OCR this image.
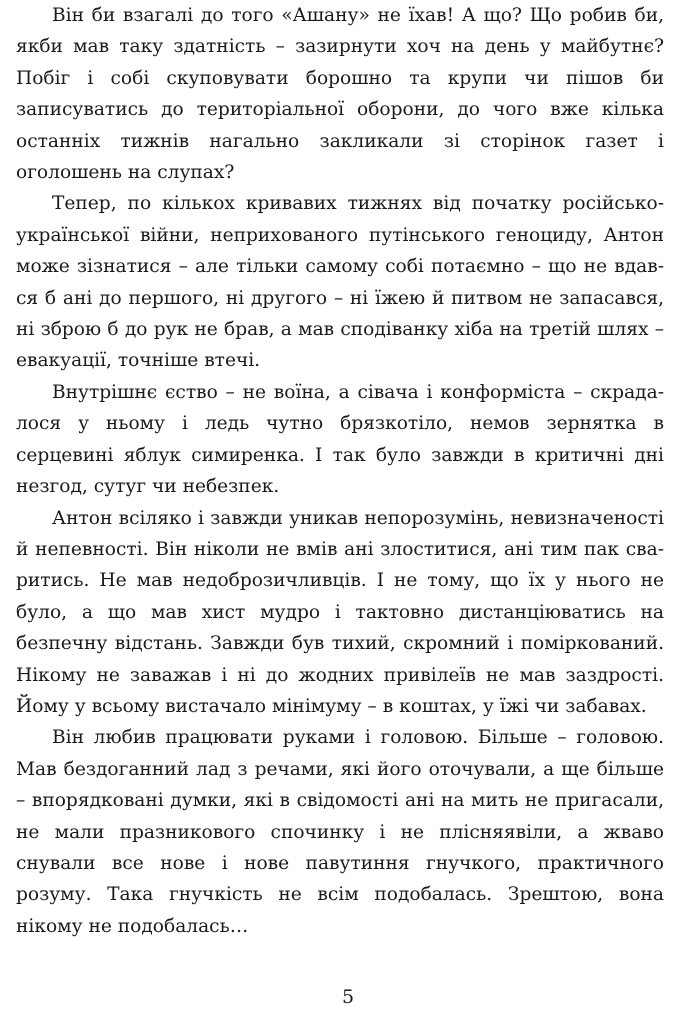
Він би взагалі до того «Ашану» не їхав! А що? Що робив би, якби мав таку здатність – зазирнути хоч на день у майбутнє? Побіг і собі скуповувати борошно та крупи чи пішов би записуватись до територіальної оборони, до чого вже кілька останніх тижнів нагально закликали зі сторінок газет і оголошень на слупах?

Тепер, по кількох кривавих тижнях від початку російсько-української війни, неприхованого путінського геноциду, Антон може зізнатися – але тільки самому собі потаємно – що не вдався б ані до першого, ні другого – ні їжею й питвом не запасався, ні зброю б до рук не брав, а мав сподіванку хіба на третій шлях – евакуації, точніше втечі.

Внутрішнє єство – не воїна, а сівача і конформіста – скрадалося у ньому і ледь чутно брязкотіло, немов зернятка в серцевині яблук симиренка. І так було завжди в критичні дні незгод, сутуг чи небезпек.

Антон всіляко і завжди уникав непорозумінь, невизначеності й непевності. Він ніколи не вмів ані злоститися, ані тим пак сваритись. Не мав недоброзичливців. І не тому, що їх у нього не було, а що мав хист мудро і тактовно дистанціюватись на безпечну відстань. Завжди був тихий, скромний і поміркований. Нікому не заважав і ні до жодних привілеїв не мав заздрості. Йому у всьому вистачало мінімуму – в коштах, у їжі чи забавах.

Він любив працювати руками і головою. Більше – головою. Мав бездоганний лад з речами, які його оточували, а ще більше – впорядковані думки, які в свідомості ані на мить не пригасали, не мали празникового спочинку і не плісняявіли, а жваво снували все нове і нове павутиння гнучкого, практичного розуму. Така гнучкість не всім подобалась. Зрештою, вона нікому не подобалась…

5
